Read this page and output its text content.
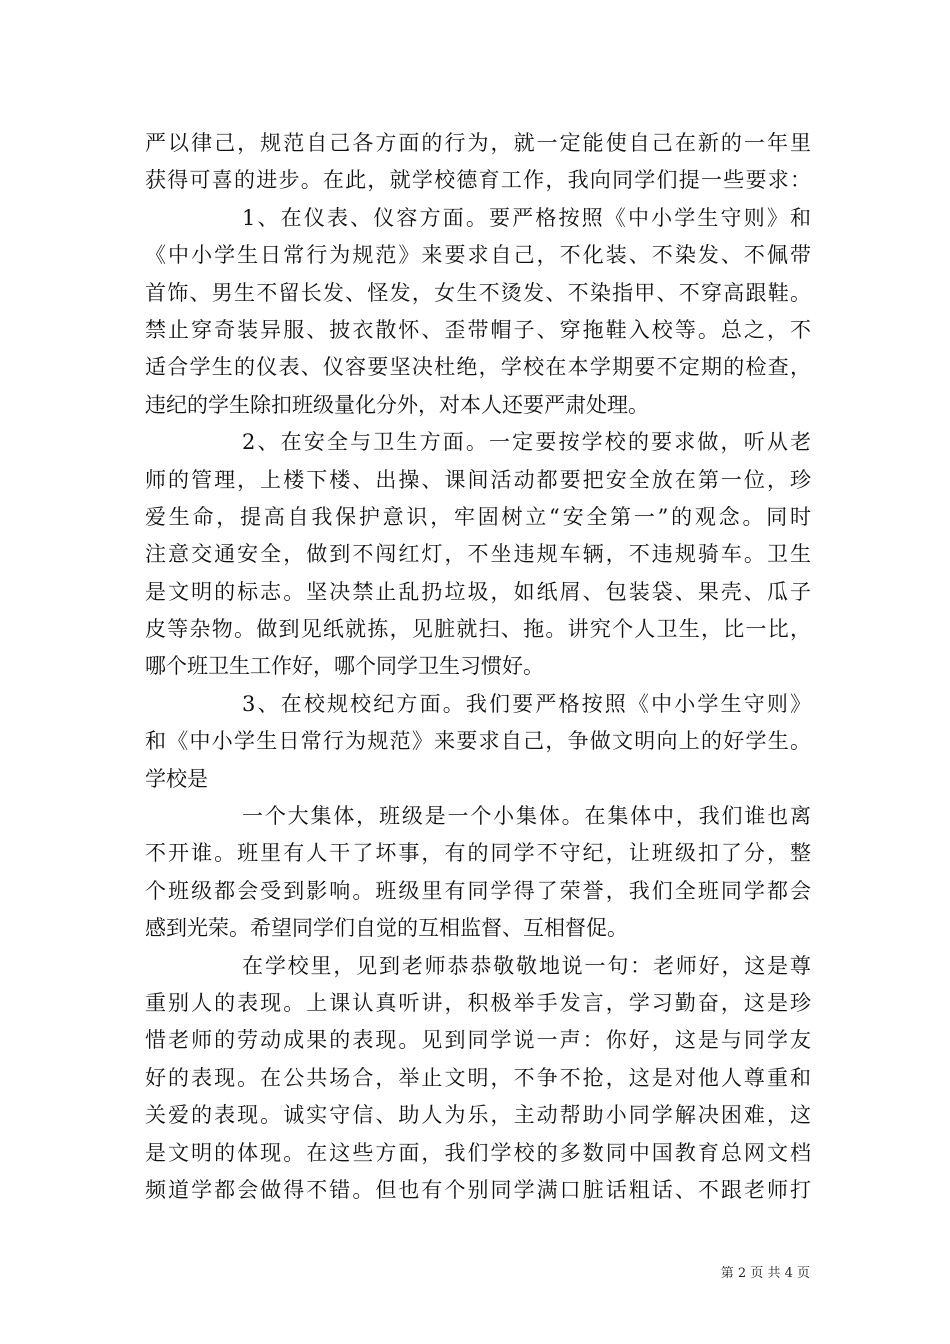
严以律己，规范自己各方面的行为，就一定能使自己在新的一年里
获得可喜的进步。在此，就学校德育工作，我向同学们提一些要求：
1、在仪表、仪容方面。要严格按照《中小学生守则》和
《中小学生日常行为规范》来要求自己，不化装、不染发、不佩带
首饰、男生不留长发、怪发，女生不烫发、不染指甲、不穿高跟鞋。
禁止穿奇装异服、披衣散怀、歪带帽子、穿拖鞋入校等。总之，不
适合学生的仪表、仪容要坚决杜绝，学校在本学期要不定期的检查，
违纪的学生除扣班级量化分外，对本人还要严肃处理。
2、在安全与卫生方面。一定要按学校的要求做，听从老
师的管理，上楼下楼、出操、课间活动都要把安全放在第一位，珍
爱生命，提高自我保护意识，牢固树立“安全第一”的观念。同时
注意交通安全，做到不闯红灯，不坐违规车辆，不违规骑车。卫生
是文明的标志。坚决禁止乱扔垃圾，如纸屑、包装袋、果壳、瓜子
皮等杂物。做到见纸就拣，见脏就扫、拖。讲究个人卫生，比一比，
哪个班卫生工作好，哪个同学卫生习惯好。
3、在校规校纪方面。我们要严格按照《中小学生守则》
和《中小学生日常行为规范》来要求自己，争做文明向上的好学生。
学校是
一个大集体，班级是一个小集体。在集体中，我们谁也离
不开谁。班里有人干了坏事，有的同学不守纪，让班级扣了分，整
个班级都会受到影响。班级里有同学得了荣誉，我们全班同学都会
感到光荣。希望同学们自觉的互相监督、互相督促。
在学校里，见到老师恭恭敬敬地说一句：老师好，这是尊
重别人的表现。上课认真听讲，积极举手发言，学习勤奋，这是珍
惜老师的劳动成果的表现。见到同学说一声：你好，这是与同学友
好的表现。在公共场合，举止文明，不争不抢，这是对他人尊重和
关爱的表现。诚实守信、助人为乐，主动帮助小同学解决困难，这
是文明的体现。在这些方面，我们学校的多数同中国教育总网文档
频道学都会做得不错。但也有个别同学满口脏话粗话、不跟老师打
第 2 页 共 4 页
